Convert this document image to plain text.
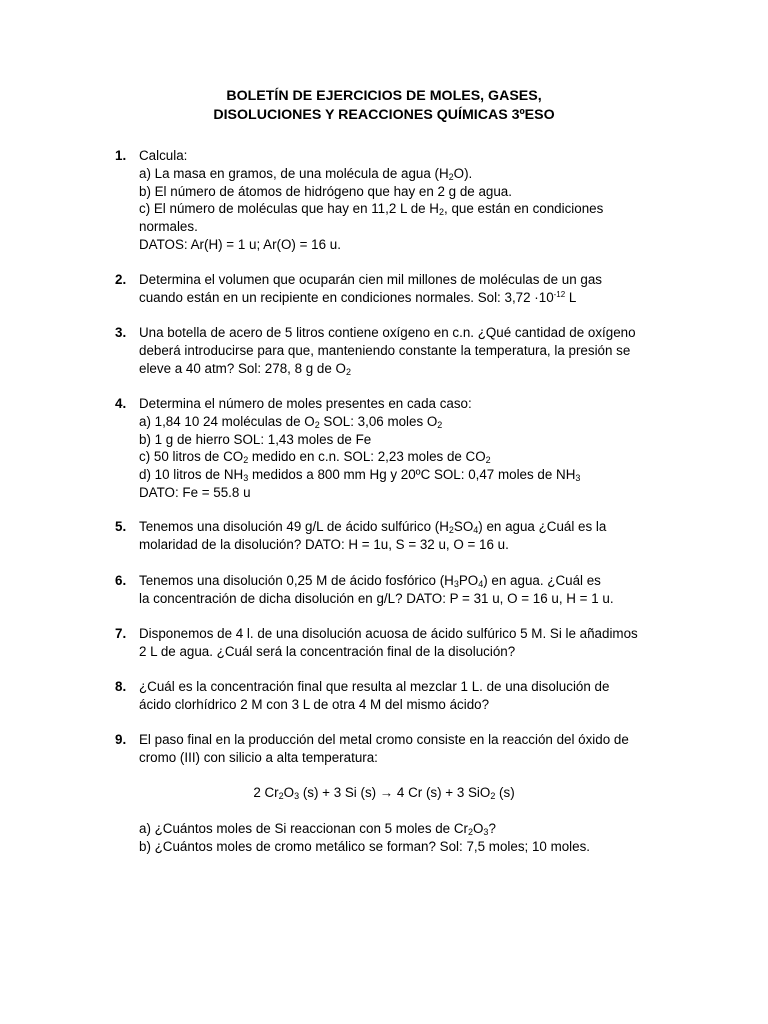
BOLETÍN DE EJERCICIOS DE MOLES, GASES,
DISOLUCIONES Y REACCIONES QUÍMICAS 3ºESO
1. Calcula:
a) La masa en gramos, de una molécula de agua $(H_2O)$.
b) El número de átomos de hidrógeno que hay en 2 g de agua.
c) El número de moléculas que hay en 11,2 L de $H_2$, que están en condiciones
normales.
DATOS: Ar(H) = 1 u; Ar(O) = 16 u.
2. Determina el volumen que ocuparán cien mil millones de moléculas de un gas
cuando están en un recipiente en condiciones normales. Sol: $3,72 \cdot 10^{-12}$ L
3. Una botella de acero de 5 litros contiene oxígeno en c.n. ¿Qué cantidad de oxígeno
deberá introducirse para que, manteniendo constante la temperatura, la presión se
eleve a 40 atm? Sol: 278, 8 g de $O_2$
4. Determina el número de moles presentes en cada caso:
a) 1,84 10 24 moléculas de $O_2$ SOL: 3,06 moles $O_2$
b) 1 g de hierro SOL: 1,43 moles de Fe
c) 50 litros de $CO_2$ medido en c.n. SOL: 2,23 moles de $CO_2$
d) 10 litros de $NH_3$ medidos a 800 mm Hg y 20ºC SOL: 0,47 moles de $NH_3$
DATO: Fe = 55.8 u
5. Tenemos una disolución 49 g/L de ácido sulfúrico $(H_2SO_4)$ en agua ¿Cuál es la
molaridad de la disolución? DATO: H = 1u, S = 32 u, O = 16 u.
6. Tenemos una disolución 0,25 M de ácido fosfórico $(H_3PO_4)$ en agua. ¿Cuál es
la concentración de dicha disolución en g/L? DATO: P = 31 u, O = 16 u, H = 1 u.
7. Disponemos de 4 l. de una disolución acuosa de ácido sulfúrico 5 M. Si le añadimos
2 L de agua. ¿Cuál será la concentración final de la disolución?
8. ¿Cuál es la concentración final que resulta al mezclar 1 L. de una disolución de
ácido clorhídrico 2 M con 3 L de otra 4 M del mismo ácido?
9. El paso final en la producción del metal cromo consiste en la reacción del óxido de
cromo (III) con silicio a alta temperatura:
2 $Cr_2O_3$ (s) + 3 Si (s) → 4 Cr (s) + 3 SiO$_2$ (s)
a) ¿Cuántos moles de Si reaccionan con 5 moles de $Cr_2O_3$?
b) ¿Cuántos moles de cromo metálico se forman? Sol: 7,5 moles; 10 moles.
